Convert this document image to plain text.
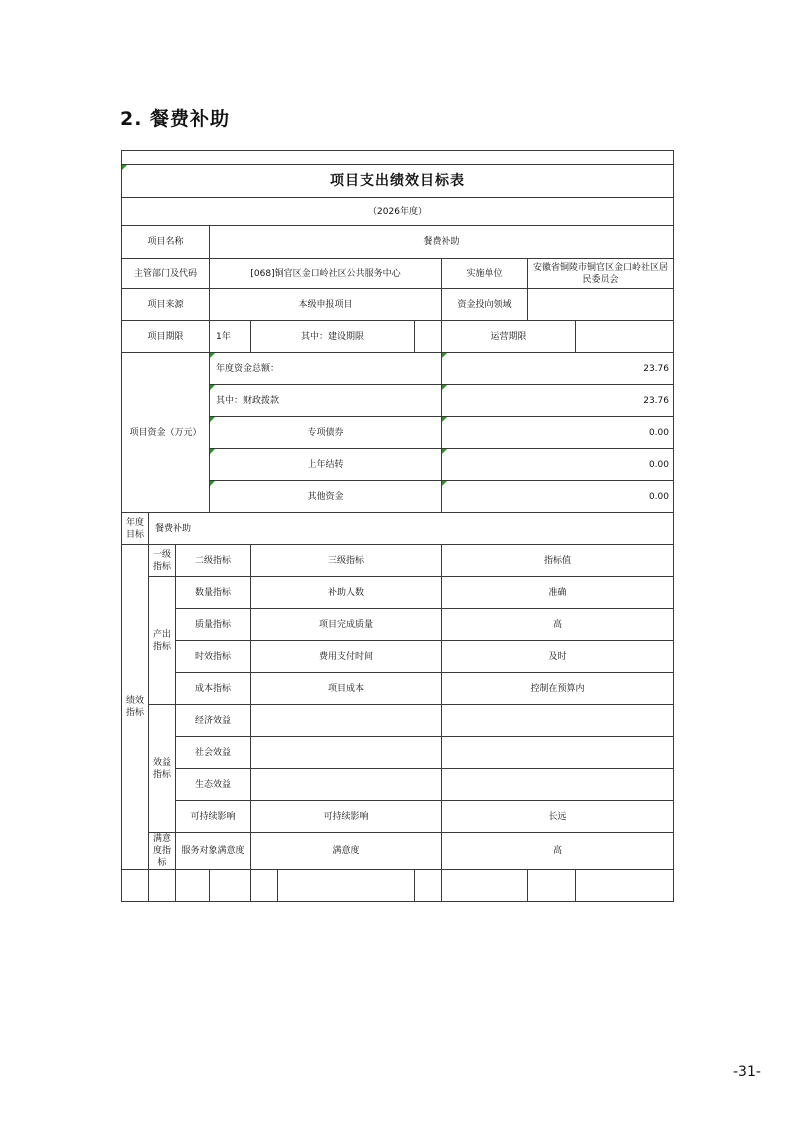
2. 餐费补助

项目支出绩效目标表									
（2026年度）									
项目名称			餐费补助						
主管部门及代码			[068]铜官区金口岭社区公共服务中心				实施单位	安徽省铜陵市铜官区金口岭社区居民委员会	
项目来源			本级申报项目				资金投向领域		
项目期限			1年	其中：建设期限			运营期限		
项目资金（万元）			年度资金总额：				23.76		
			其中：财政拨款				23.76		
			专项债券				0.00		
			上年结转				0.00		
			其他资金				0.00		
年度目标	餐费补助								
绩效指标	一级指标	二级指标		三级指标			指标值		
	产出指标	数量指标		补助人数			准确		
		质量指标		项目完成质量			高		
		时效指标		费用支付时间			及时		
		成本指标		项目成本			控制在预算内		
	效益指标	经济效益							
		社会效益							
		生态效益							
		可持续影响		可持续影响			长远		
	满意度指标	服务对象满意度		满意度			高		

-31-
